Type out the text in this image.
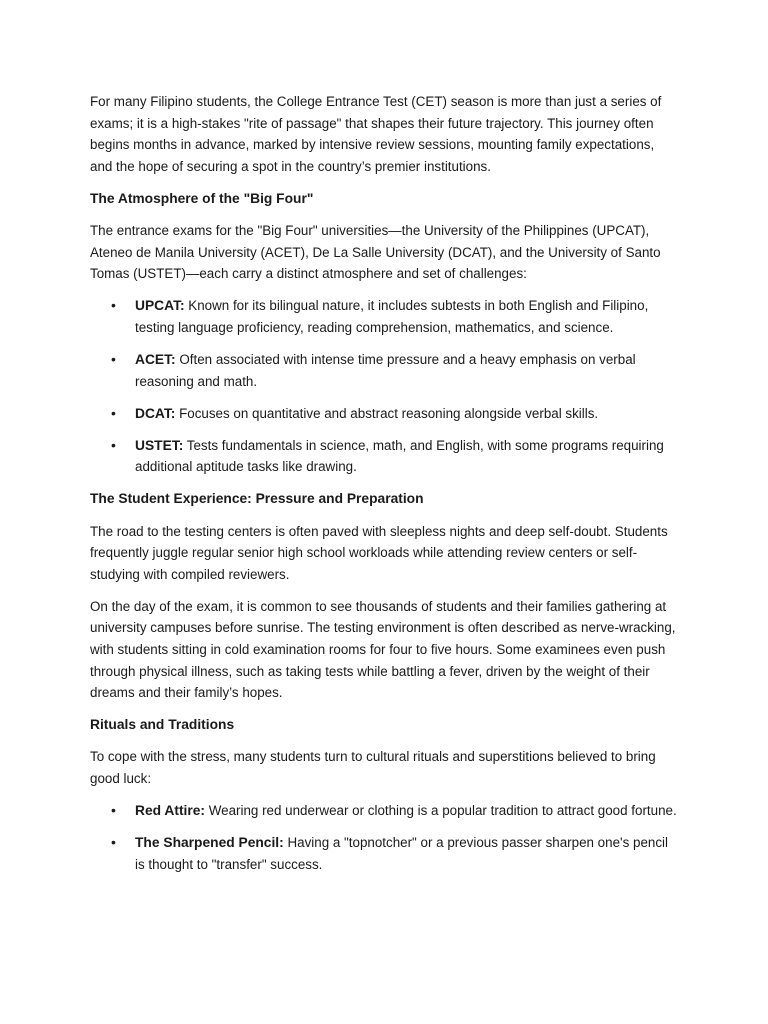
For many Filipino students, the College Entrance Test (CET) season is more than just a series of exams; it is a high-stakes "rite of passage" that shapes their future trajectory. This journey often begins months in advance, marked by intensive review sessions, mounting family expectations, and the hope of securing a spot in the country’s premier institutions.

The Atmosphere of the "Big Four"

The entrance exams for the "Big Four" universities—the University of the Philippines (UPCAT), Ateneo de Manila University (ACET), De La Salle University (DCAT), and the University of Santo Tomas (USTET)—each carry a distinct atmosphere and set of challenges:

• UPCAT: Known for its bilingual nature, it includes subtests in both English and Filipino, testing language proficiency, reading comprehension, mathematics, and science.
• ACET: Often associated with intense time pressure and a heavy emphasis on verbal reasoning and math.
• DCAT: Focuses on quantitative and abstract reasoning alongside verbal skills.
• USTET: Tests fundamentals in science, math, and English, with some programs requiring additional aptitude tasks like drawing.
The Student Experience: Pressure and Preparation

The road to the testing centers is often paved with sleepless nights and deep self-doubt. Students frequently juggle regular senior high school workloads while attending review centers or self-studying with compiled reviewers.

On the day of the exam, it is common to see thousands of students and their families gathering at university campuses before sunrise. The testing environment is often described as nerve-wracking, with students sitting in cold examination rooms for four to five hours. Some examinees even push through physical illness, such as taking tests while battling a fever, driven by the weight of their dreams and their family’s hopes.

Rituals and Traditions

To cope with the stress, many students turn to cultural rituals and superstitions believed to bring good luck:

• Red Attire: Wearing red underwear or clothing is a popular tradition to attract good fortune.
• The Sharpened Pencil: Having a "topnotcher" or a previous passer sharpen one's pencil is thought to "transfer" success.
